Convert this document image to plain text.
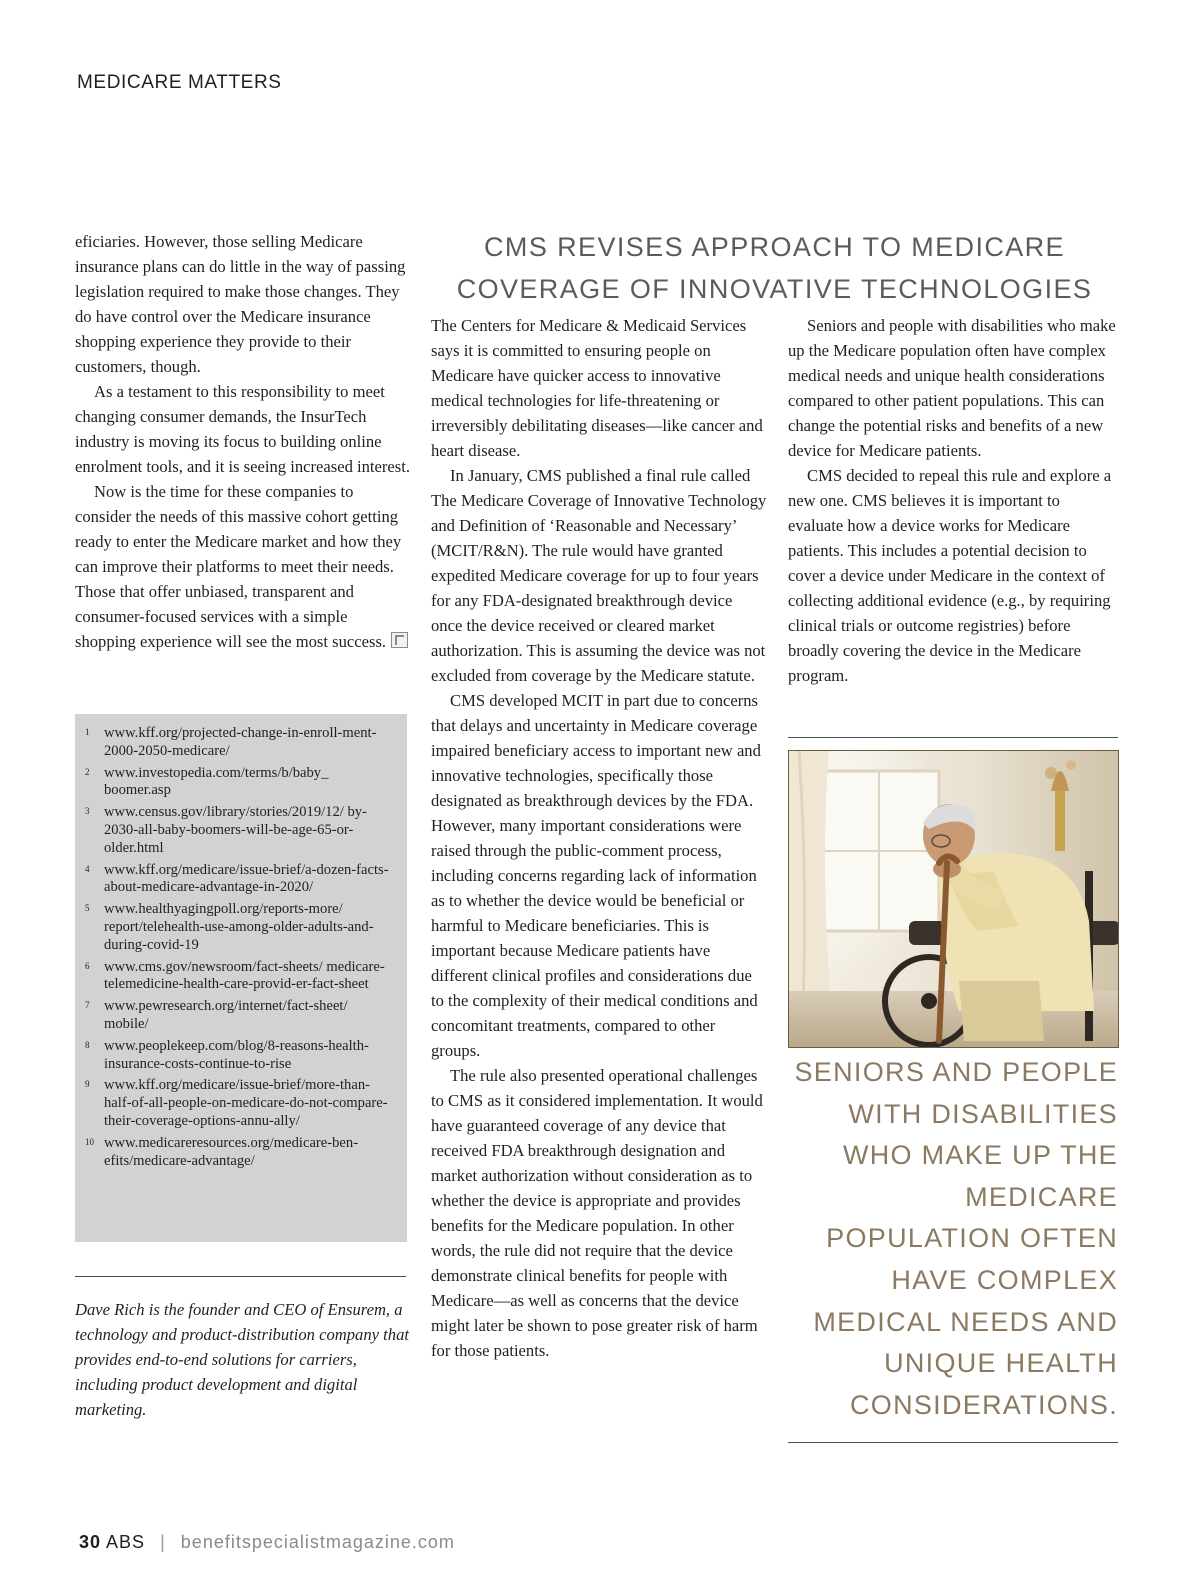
MEDICARE MATTERS

eficiaries. However, those selling Medicare insurance plans can do little in the way of passing legislation required to make those changes. They do have control over the Medicare insurance shopping experience they provide to their customers, though.

As a testament to this responsibility to meet changing consumer demands, the InsurTech industry is moving its focus to building online enrolment tools, and it is seeing increased interest.

Now is the time for these companies to consider the needs of this massive cohort getting ready to enter the Medicare market and how they can improve their platforms to meet their needs. Those that offer unbiased, transparent and consumer-focused services with a simple shopping experience will see the most success.

1 www.kff.org/projected-change-in-enroll-ment-2000-2050-medicare/
2 www.investopedia.com/terms/b/baby_ boomer.asp
3 www.census.gov/library/stories/2019/12/ by-2030-all-baby-boomers-will-be-age-65-or-older.html
4 www.kff.org/medicare/issue-brief/a-dozen-facts-about-medicare-advantage-in-2020/
5 www.healthyagingpoll.org/reports-more/ report/telehealth-use-among-older-adults-and-during-covid-19
6 www.cms.gov/newsroom/fact-sheets/ medicare-telemedicine-health-care-provid-er-fact-sheet
7 www.pewresearch.org/internet/fact-sheet/ mobile/
8 www.peoplekeep.com/blog/8-reasons-health-insurance-costs-continue-to-rise
9 www.kff.org/medicare/issue-brief/more-than-half-of-all-people-on-medicare-do-not-compare-their-coverage-options-annu-ally/
10 www.medicareresources.org/medicare-ben-efits/medicare-advantage/

Dave Rich is the founder and CEO of Ensurem, a technology and product-distribution company that provides end-to-end solutions for carriers, including product development and digital marketing.

CMS REVISES APPROACH TO MEDICARE COVERAGE OF INNOVATIVE TECHNOLOGIES

The Centers for Medicare & Medicaid Services says it is committed to ensuring people on Medicare have quicker access to innovative medical technologies for life-threatening or irreversibly debilitating diseases—like cancer and heart disease.

In January, CMS published a final rule called The Medicare Coverage of Innovative Technology and Definition of ‘Reasonable and Necessary’ (MCIT/R&N). The rule would have granted expedited Medicare coverage for up to four years for any FDA-designated breakthrough device once the device received or cleared market authorization. This is assuming the device was not excluded from coverage by the Medicare statute.

CMS developed MCIT in part due to concerns that delays and uncertainty in Medicare coverage impaired beneficiary access to important new and innovative technologies, specifically those designated as breakthrough devices by the FDA. However, many important considerations were raised through the public-comment process, including concerns regarding lack of information as to whether the device would be beneficial or harmful to Medicare beneficiaries. This is important because Medicare patients have different clinical profiles and considerations due to the complexity of their medical conditions and concomitant treatments, compared to other groups.

The rule also presented operational challenges to CMS as it considered implementation. It would have guaranteed coverage of any device that received FDA breakthrough designation and market authorization without consideration as to whether the device is appropriate and provides benefits for the Medicare population. In other words, the rule did not require that the device demonstrate clinical benefits for people with Medicare—as well as concerns that the device might later be shown to pose greater risk of harm for those patients.

Seniors and people with disabilities who make up the Medicare population often have complex medical needs and unique health considerations compared to other patient populations. This can change the potential risks and benefits of a new device for Medicare patients.

CMS decided to repeal this rule and explore a new one. CMS believes it is important to evaluate how a device works for Medicare patients. This includes a potential decision to cover a device under Medicare in the context of collecting additional evidence (e.g., by requiring clinical trials or outcome registries) before broadly covering the device in the Medicare program.

SENIORS AND PEOPLE WITH DISABILITIES WHO MAKE UP THE MEDICARE POPULATION OFTEN HAVE COMPLEX MEDICAL NEEDS AND UNIQUE HEALTH CONSIDERATIONS.

30 ABS | benefitspecialistmagazine.com
